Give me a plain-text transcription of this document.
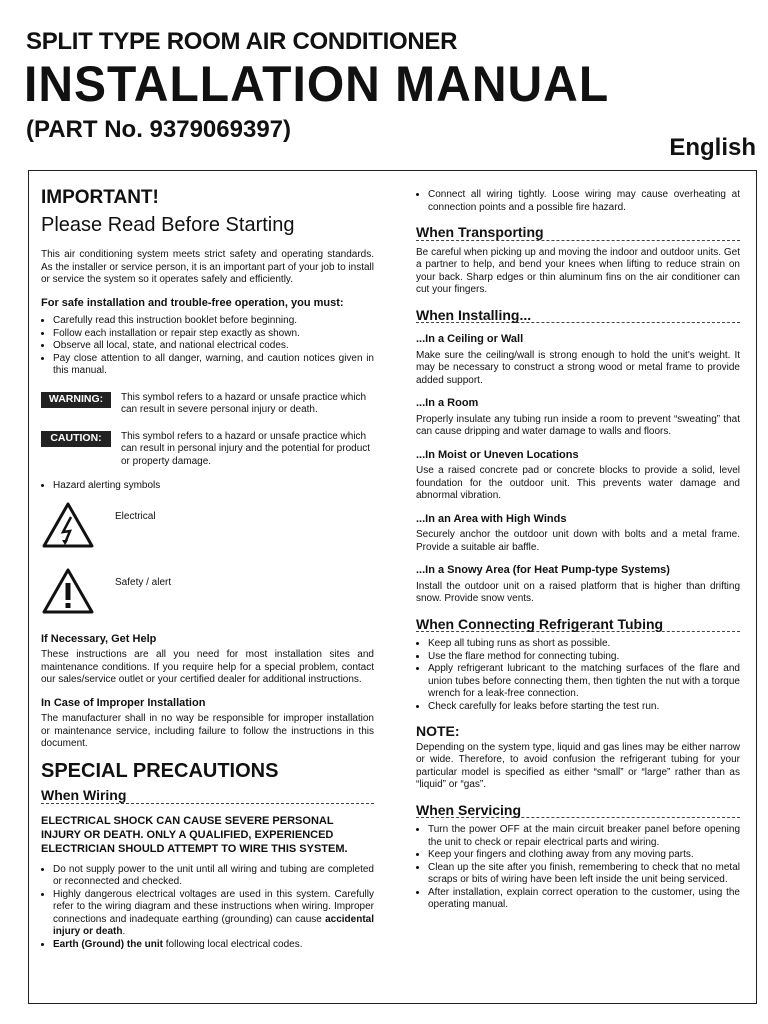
SPLIT TYPE ROOM AIR CONDITIONER
INSTALLATION MANUAL
(PART No. 9379069397)
English
IMPORTANT!
Please Read Before Starting

This air conditioning system meets strict safety and operating standards. As the installer or service person, it is an important part of your job to install or service the system so it operates safely and efficiently.

For safe installation and trouble-free operation, you must:
• Carefully read this instruction booklet before beginning.
• Follow each installation or repair step exactly as shown.
• Observe all local, state, and national electrical codes.
• Pay close attention to all danger, warning, and caution notices given in this manual.
WARNING:	This symbol refers to a hazard or unsafe practice which can result in severe personal injury or death.
CAUTION:	This symbol refers to a hazard or unsafe practice which can result in personal injury and the potential for product or property damage.
• Hazard alerting symbols
Electrical
Safety / alert
If Necessary, Get Help

These instructions are all you need for most installation sites and maintenance conditions. If you require help for a special problem, contact our sales/service outlet or your certified dealer for additional instructions.

In Case of Improper Installation

The manufacturer shall in no way be responsible for improper installation or maintenance service, including failure to follow the instructions in this document.

SPECIAL PRECAUTIONS
When Wiring
ELECTRICAL SHOCK CAN CAUSE SEVERE PERSONAL INJURY OR DEATH. ONLY A QUALIFIED, EXPERIENCED ELECTRICIAN SHOULD ATTEMPT TO WIRE THIS SYSTEM.
• Do not supply power to the unit until all wiring and tubing are completed or reconnected and checked.
• Highly dangerous electrical voltages are used in this system. Carefully refer to the wiring diagram and these instructions when wiring. Improper connections and inadequate earthing (grounding) can cause accidental injury or death.
• Earth (Ground) the unit following local electrical codes.
• Connect all wiring tightly. Loose wiring may cause overheating at connection points and a possible fire hazard.
When Transporting

Be careful when picking up and moving the indoor and outdoor units. Get a partner to help, and bend your knees when lifting to reduce strain on your back. Sharp edges or thin aluminum fins on the air conditioner can cut your fingers.

When Installing...
...In a Ceiling or Wall

Make sure the ceiling/wall is strong enough to hold the unit's weight. It may be necessary to construct a strong wood or metal frame to provide added support.

...In a Room

Properly insulate any tubing run inside a room to prevent “sweating” that can cause dripping and water damage to walls and floors.

...In Moist or Uneven Locations

Use a raised concrete pad or concrete blocks to provide a solid, level foundation for the outdoor unit. This prevents water damage and abnormal vibration.

...In an Area with High Winds

Securely anchor the outdoor unit down with bolts and a metal frame. Provide a suitable air baffle.

...In a Snowy Area (for Heat Pump-type Systems)

Install the outdoor unit on a raised platform that is higher than drifting snow. Provide snow vents.

When Connecting Refrigerant Tubing
• Keep all tubing runs as short as possible.
• Use the flare method for connecting tubing.
• Apply refrigerant lubricant to the matching surfaces of the flare and union tubes before connecting them, then tighten the nut with a torque wrench for a leak-free connection.
• Check carefully for leaks before starting the test run.
NOTE:

Depending on the system type, liquid and gas lines may be either narrow or wide. Therefore, to avoid confusion the refrigerant tubing for your particular model is specified as either “small” or “large” rather than as “liquid” or “gas”.

When Servicing
• Turn the power OFF at the main circuit breaker panel before opening the unit to check or repair electrical parts and wiring.
• Keep your fingers and clothing away from any moving parts.
• Clean up the site after you finish, remembering to check that no metal scraps or bits of wiring have been left inside the unit being serviced.
• After installation, explain correct operation to the customer, using the operating manual.
